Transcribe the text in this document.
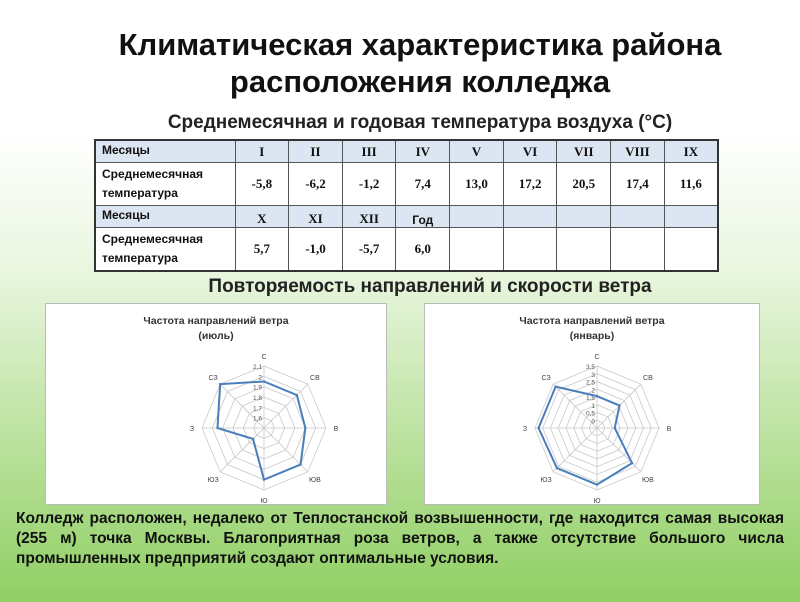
Климатическая характеристика района расположения колледжа
Среднемесячная и годовая температура воздуха (°С)
Месяцы	I	II	III	IV	V	VI	VII	VIII	IX
Среднемесячная температура	-5,8	-6,2	-1,2	7,4	13,0	17,2	20,5	17,4	11,6
Месяцы	X	XI	XII	Год					
Среднемесячная температура	5,7	-1,0	-5,7	6,0					
Повторяемость направлений и скорости ветра
Частота направлений ветра
(июль)
1,6
1,7
1,8
1,9
2
2,1
С
СВ
В
ЮВ
Ю
ЮЗ
З
СЗ
Частота направлений ветра
(январь)
0
0,5
1
1,5
2
2,5
3
3,5
С
СВ
В
ЮВ
Ю
ЮЗ
З
СЗ
Колледж расположен, недалеко от Теплостанской возвышенности, где находится самая высокая (255 м) точка Москвы. Благоприятная роза ветров, а также отсутствие большого числа промышленных предприятий создают оптимальные условия.
